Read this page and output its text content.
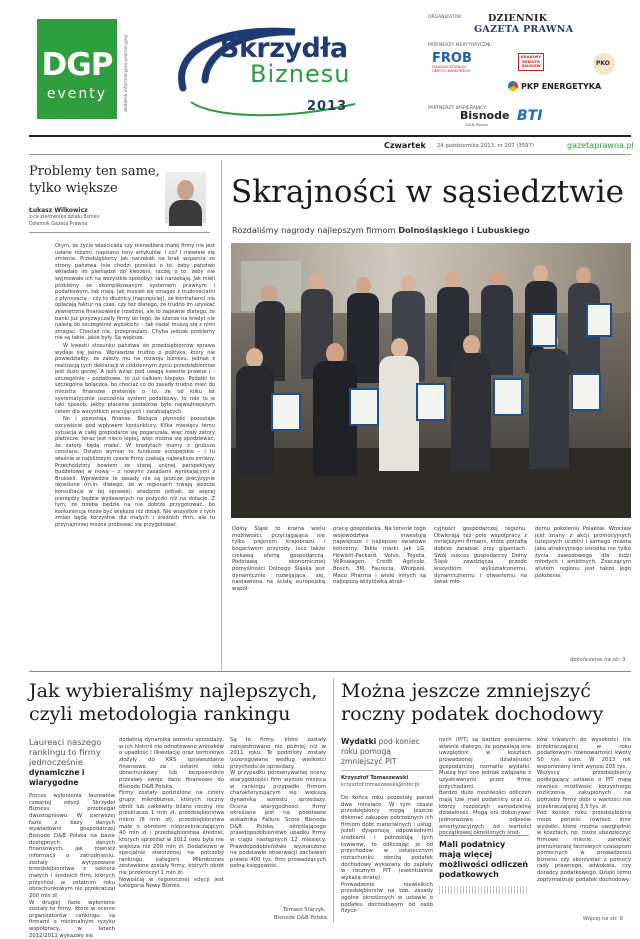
DGP
eventy	dodatek informacyjno-promocyjny	Skrzydła
Biznesu
2013
ORGANIZATOR:	DZIENNIK
GAZETA PRAWNA
PARTNERZY MERYTORYCZNI:
FROB
FUNDUSZ ROZWOJU
OBROTU BANKOWEGO
KRAJOWY
REJESTR
DŁUGÓW	PKO
PKP ENERGETYKA
PARTNERZY WSPIERAJĄCY:
Bisnode
D&B Polska
BTI
Czwartek 24 października 2013, nr 207 (3597)	gazetaprawna.pl
Problemy ten same, tylko większe
Łukasz Wilkowicz
z-ca kierownika działu Biznes
Dziennik Gazeta Prawna

Otym, że życie właściciela czy menedżera małej firmy nie jest usłane różami, napisano tony artykułów. I co? I niewiele się zmienia. Przedsiębiorcy jak narzekali na brak wsparcia ze strony państwa (nie chodzi przecież o to, żeby państwo wkładało im pieniądze do kieszeni, raczej o to, żeby nie wyjmowało ich na wszystkie sposoby), tak narzekają. Jak mieli problemy ze skomplikowanym systemem prawnym i podatkowym, tak mają. Jak musieli się zmagać z trudnościami z płynnością – czy to dłużnicy (najczęściej), ze kontrahenci nie opłacają faktur na czas, czy też dlatego, że trudno im uzyskać zewnętrzne finansowanie (rzadziej, ale to zapewne dlatego, że banki już przyzwyczaiły firmy do tego, że szanse na kredyt nie należą do szczególnie wysokich) – tak nadal muszą się z nimi zmagać. Chociaż nie, przepraszam. Chyba jednak problemy nie są takie, jakie były. Są większe.

W kwestii stosunku państwa do przedsiębiorców sprawa wydaje się jasna. Wprawdzie trudno o polityka, który nie powiedziałby, że zależy mu na rozwoju biznesu, jednak z realizacją tych deklaracji w codziennym życiu przedsiębiorców jest dużo gorzej. A jeśli wziąć pod uwagę kwestie prawne i – szczególnie – podatkowe, to już całkiem kiepsko. Podatki to szczególna bolączka, bo chociaż co do zasady trudno mieć do ministra finansów pretensje o to, że od kilku lat systematycznie uszczelnia system podatkowy, to robi to w taki sposób, jakby płacenie podatków było najważniejszym celem dla wszystkich pracujących i zarabiających.

No i pozostają finanse. Bieżąca płynność pozostaje ozcywiście pod wpływem koniunktury. Kilka miesięcy temu sytuacja w całej gospodarce się pogarszała, więc rosły zatory płatnicze, teraz jest nieco lepiej, więc można się spodziewać, że zatory będą maleć. W kredytach mamy z grubsza constans. Ostatni wymiar to fundusze europejskie – i tu właśnie w najbliższym czasie firmy czekają największe zmiany. Przechodzimy bowiem ze starej unijnej perspektywy budżetowej w nową – z nowymi zasadami wynikającymi z Brukseli. Wprawdzie te zasady nie są jeszcze precyzyjnie określone (m.in. dlatego, że w regionach trwają jeszcze konsultacje w tej sprawie), wiadomo jednak, że więcej pieniędzy będzie wydawanych na pożyczki niż na dotacje. Z tym, że trzeba będzie na nie dobrze przygotować, bo konkurencja może być większa niż dotąd. Nie wszystkie z tych zmian będą korzystne dla małych i średnich firm, ale tu przynajmniej można próbować się przygotować.

Skrajności w sąsiedztwie
Rozdaliśmy nagrody najlepszym firmom Dolnośląskiego i Lubuskiego
Dolny Śląsk to kraina wielu możliwości, przyciągająca nie tylko pięknem krajobrazu i bogactwem przyrody, lecz także ciekawą ofertą gospodarczą. Podstawą ekonomicznej pomyślności Dolnego Śląska jest dynamicznie rozwijająca się, nastawiona na ścisłą europejską współ-
pracę gospodarka. Na terenie tego województwa inwestują największe i najlepsze światowe koncerny. Takie marki jak LG, Hewlett-Packard, Volvo, Toyota, Volkswagen, Credit Agricole, Bosch, 3M, Faurecia, Whirpool, Maco Pharma i wiele innych są najlepszą wizytówką atrak-
cyjności gospodarczej regionu. Otwierają też pole współpracy z mniejszymi firmami, które potrafią dobrze zarabiać przy gigantach. Swój sukces gospodarczy Dolny Śląsk zawdzięcza przede wszystkim wykształconemu, dynamicznemu i otwartemu na świat mło-
demu pokoleniu Polaków. Wrocław jest znany z akcji promocyjnych tutejszych uczelni i samego miasta jako atrakcyjnego ośrodka nie tylko życia zawodowego dla ludzi młodych i ambitnych. Znaczącym atutem regionu jest także jego położenie.
dokończenie na str. 3
Jak wybieraliśmy najlepszych,
czyli metodologia rankingu
Laureaci naszego rankingu to firmy jednocześnie
dynamiczne i wiarygodne
Proces wyłonienia laureatów czwartej edycji Skrzydeł Biznesu przebiegał dwustopniowo. W pierwszej fazie z bazy danych wywiadowni gospodarczej Bisnode D&B Polska na bazie dostępnych danych finansowych, jak również informacji o zatrudnieniu, zostały wytypowane przedsiębiorstwa z sektora małych i średnich firm, których przychód w ostatnim roku obrachunkowym nie przekraczał 200 mln zł.
W drugiej fazie wyłonione zostały te firmy, które w ocenie organizatorów rankingu są firmami o minimalnym ryzyku współpracy, w latach 2012/2011 wykazały się
dodatnią dynamiką wzrostu sprzedaży, w ich historii nie odnotowano wniosków o upadłość i likwidację oraz terminowo złożyły do KRS sprawozdanie finansowe za ostatni roku obrachunkowy lub bezpośrednio przesłały swoje dane finansowe do Bisnode D&B Polska.
Firmy zostały podzielone na cztery grupy: mikrobiznes, których roczny obrót lub całkowity bilans roczny nie przekracza 1 mln zł, przedsiębiorstwa mikro (8 mln zł), przedsiębiorstwa małe o obrotem nieprzekraczającym 40 mln zł i przedsiębiorstwa średnie, których sprzedaż w 2012 roku była nie większa niż 200 mln zł. Dodatkowo w specjalnie stworzonej na potrzeby rankingu kategorii Mikrobiznes zestawione zostały firmy, których obrót nie przekroczył 1 mln zł.
Nowością w tegorocznej edycji jest kategoria Nowy Biznes.
Są to firmy, które zostały zarejestrowane nie później niż w 2011 roku. Te podmioty zostały uszeregowane według wielkości przychodu ze sprzedaży.
W przypadku porównywalnej oceny wiarygodności firm wyższe miejsca w rankingu przypadło firmom charakteryzującym się większą dynamiką wzrostu sprzedaży. Ocena wiarygodności firmy określana jest na podstawie wskaźnika Failure Score Bisnode D&B Polska, określającego prawdopodobieństwo upadku firmy w ciągu następnych 12 miesięcy. Prawdopodobieństwo wyznaczono na podstawie obserwacji zachowań prawie 400 tys. firm prowadzących pełną księgowość.
Tomasz Starzyk,
Bisnode D&B Polska
Można jeszcze zmniejszyć
roczny podatek dochodowy
Wydatki pod koniec roku pomogą zmniejszyć PIT
Krzysztof Tomaszewski
krzysztof.tomaszewski@infor.pl
Do końca roku pozostały ponad dwa miesiące. W tym czasie przedsiębiorcy mogą jeszcze dokonać zakupów potrzebnych ich firmom dóbr materialnych i usług. Jeżeli dysponują odpowiednimi środkami i potrzebują tych towarów, to odliczając je od przychodów w ostatecznym rozrachunku obniżą podatek dochodowy wykazany do zapłaty w rocznym PIT (ewentualnie wykażą stratę).
Prowadzenie niewielkich przedsiębiorstw na tzw. zasady ogólne określonych w ustawie o podatku dochodowym od osób fizycz-
nych (PIT) są bardzo popularne właśnie dlatego, że pozwalają one uwzględnić w kosztach prowadzonej działalności gospodarczej rozmaite wydatki. Muszą być one jednak związane z uzyskiwanymi przez firmę przychodami.
Bardzo duże możliwości odliczeń mają tzw. mali podatnicy oraz ci, którzy rozpoczęli samodzielną działalność. Mogą oni dokonywać jednorazowo odpisów amortyzacyjnych od wartości początkowej określonych środ-
Mali podatnicy mają więcej możliwości odliczeń podatkowych
ków trwałych do wysokości nie przekraczającej w roku podatkowym równowartości kwoty 50 tys. euro. W 2013 rok wspomniany limit wynosi 205 tys.
Wszyscy przedsiębiorcy podlegający ustawie o PIT mają również możliwość korzystnego rozliczenia zakupionych na potrzeby firmy dóbr o wartości nie przekraczającej 3,5 tys. zł.
Pod koniec roku przedsiębiorca może ponieść również inne wydatki, które można uwzględnić w kosztach, np. może ubezpieczyć firmowe mienie, zamówić prenumeratę fachowych czasopism pomocnych w prowadzeniu biznesu czy skorzystać z pomocy rady prawnego, adwokata, czy doradcy podatkowego. Dzięki temu zoptymalizuje podatek dochodowy.
Więcej na str. 6
